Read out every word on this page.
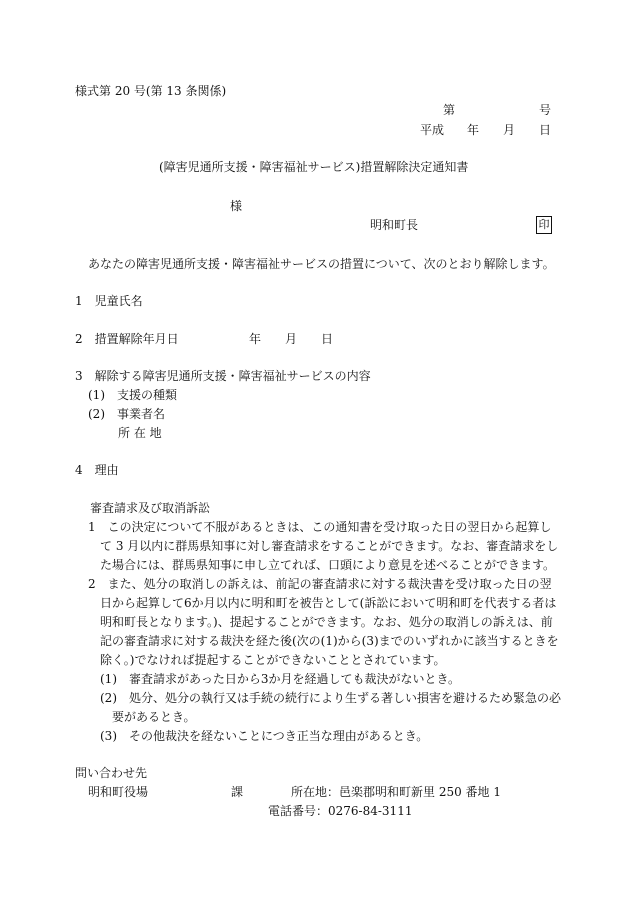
様式第 20 号(第 13 条関係)
第	号
平成 年 月 日
(障害児通所支援・障害福祉サービス)措置解除決定通知書
様
明和町長	印
あなたの障害児通所支援・障害福祉サービスの措置について、次のとおり解除します。
1　児童氏名
2　措置解除年月日	年 月 日
3　解除する障害児通所支援・障害福祉サービスの内容
(1)　支援の種類
(2)　事業者名
所 在 地
4　理由
審査請求及び取消訴訟
1　この決定について不服があるときは、この通知書を受け取った日の翌日から起算し
て 3 月以内に群馬県知事に対し審査請求をすることができます。なお、審査請求をし
た場合には、群馬県知事に申し立てれば、口頭により意見を述べることができます。
2　また、処分の取消しの訴えは、前記の審査請求に対する裁決書を受け取った日の翌
日から起算して6か月以内に明和町を被告として(訴訟において明和町を代表する者は
明和町長となります。)、提起することができます。なお、処分の取消しの訴えは、前
記の審査請求に対する裁決を経た後(次の(1)から(3)までのいずれかに該当するときを
除く。)でなければ提起することができないこととされています。
(1)　審査請求があった日から3か月を経過しても裁決がないとき。
(2)　処分、処分の執行又は手続の続行により生ずる著しい損害を避けるため緊急の必
要があるとき。
(3)　その他裁決を経ないことにつき正当な理由があるとき。
問い合わせ先
明和町役場	課	所在地：邑楽郡明和町新里 250 番地 1
電話番号：0276-84-3111
